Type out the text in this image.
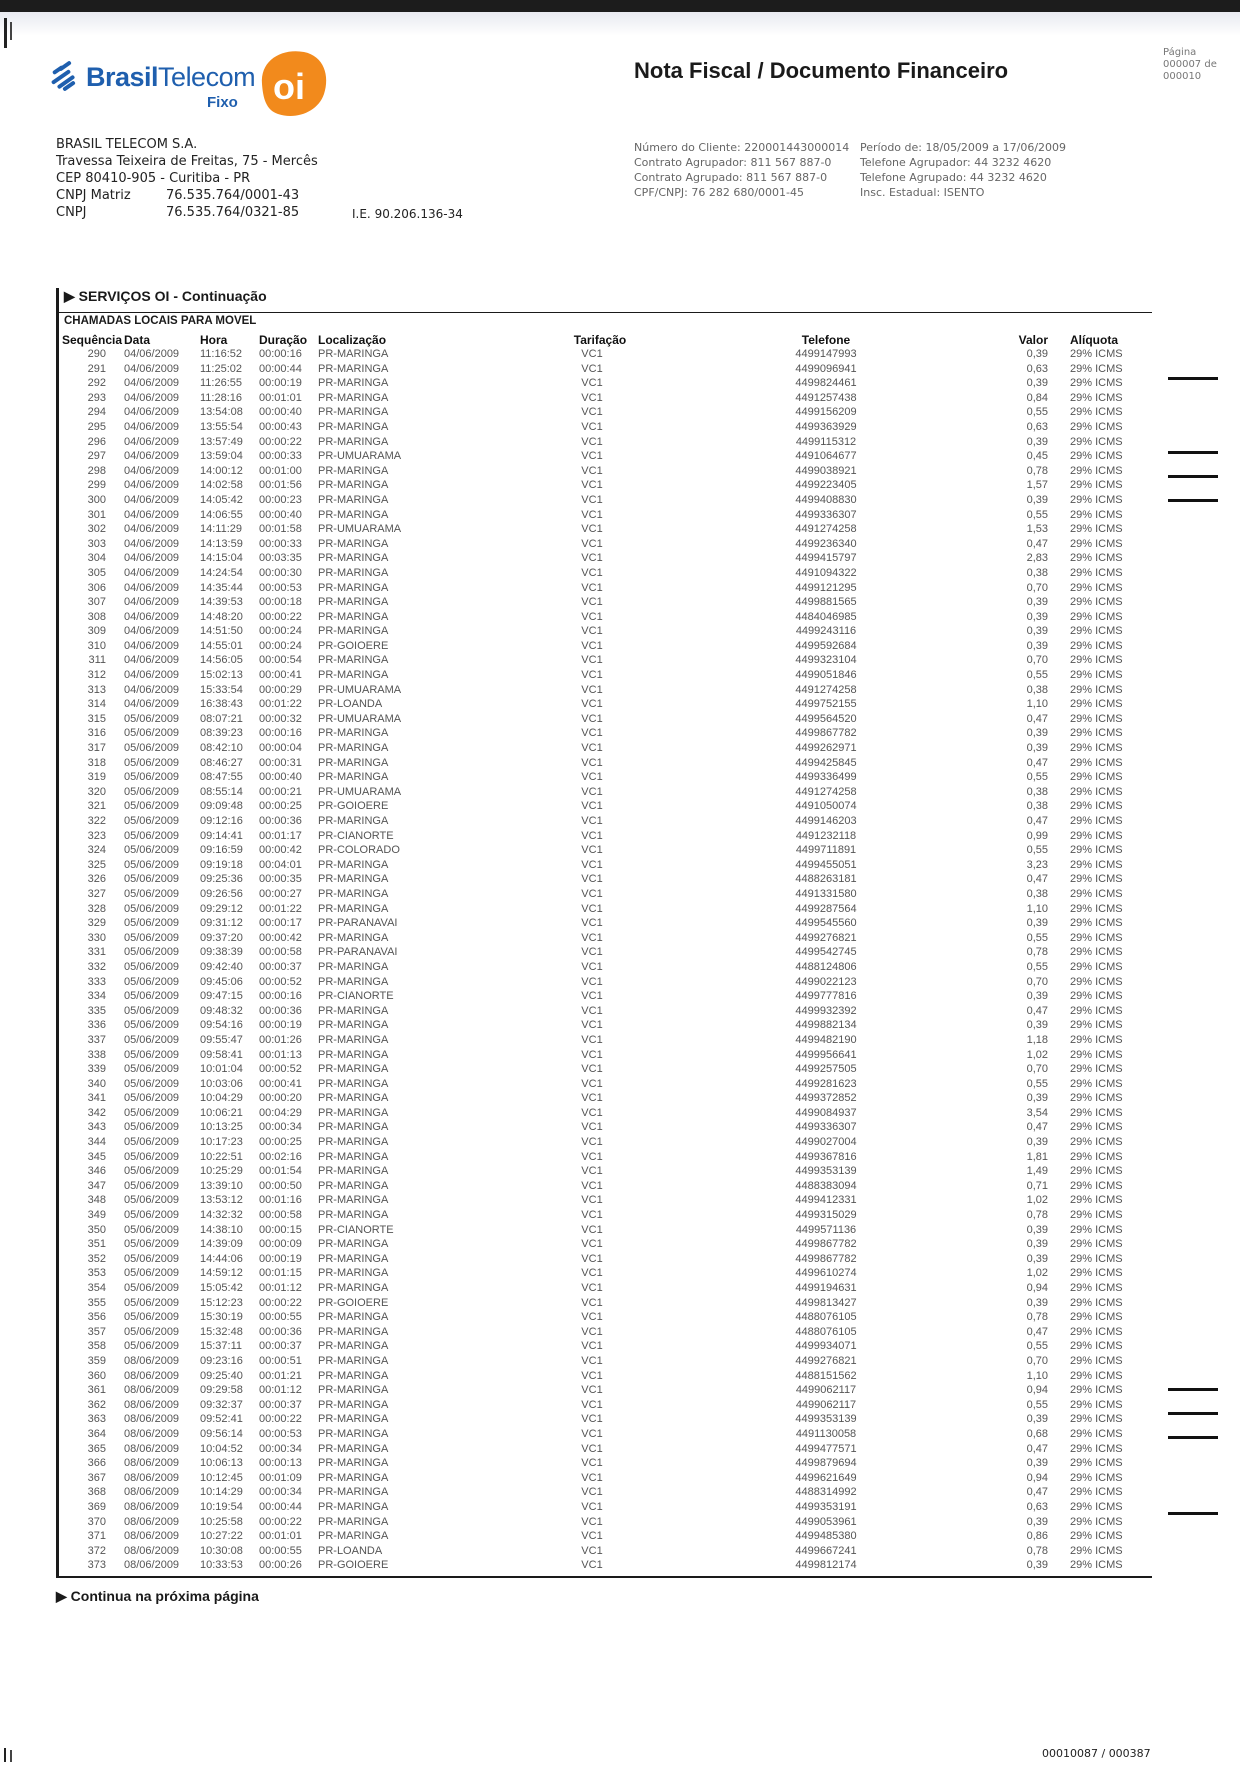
BrasilTelecom
Fixo oi
BRASIL TELECOM S.A.
Travessa Teixeira de Freitas, 75 - Mercês
CEP 80410-905 - Curitiba - PR
CNPJ Matriz	76.535.764/0001-43
CNPJ	76.535.764/0321-85	I.E. 90.206.136-34
Nota Fiscal / Documento Financeiro
Página
000007 de
000010
Número do Cliente: 220001443000014
Contrato Agrupador: 811 567 887-0
Contrato Agrupado: 811 567 887-0
CPF/CNPJ: 76 282 680/0001-45
Período de: 18/05/2009 a 17/06/2009
Telefone Agrupador: 44 3232 4620
Telefone Agrupado: 44 3232 4620
Insc. Estadual: ISENTO
▶ SERVIÇOS OI - Continuação
CHAMADAS LOCAIS PARA MOVEL
Sequência	Data	Hora	Duração	Localização	Tarifação	Telefone	Valor	Alíquota
290	04/06/2009	11:16:52	00:00:16	PR-MARINGA	VC1	4499147993	0,39	29% ICMS
291	04/06/2009	11:25:02	00:00:44	PR-MARINGA	VC1	4499096941	0,63	29% ICMS
292	04/06/2009	11:26:55	00:00:19	PR-MARINGA	VC1	4499824461	0,39	29% ICMS
293	04/06/2009	11:28:16	00:01:01	PR-MARINGA	VC1	4491257438	0,84	29% ICMS
294	04/06/2009	13:54:08	00:00:40	PR-MARINGA	VC1	4499156209	0,55	29% ICMS
295	04/06/2009	13:55:54	00:00:43	PR-MARINGA	VC1	4499363929	0,63	29% ICMS
296	04/06/2009	13:57:49	00:00:22	PR-MARINGA	VC1	4499115312	0,39	29% ICMS
297	04/06/2009	13:59:04	00:00:33	PR-UMUARAMA	VC1	4491064677	0,45	29% ICMS
298	04/06/2009	14:00:12	00:01:00	PR-MARINGA	VC1	4499038921	0,78	29% ICMS
299	04/06/2009	14:02:58	00:01:56	PR-MARINGA	VC1	4499223405	1,57	29% ICMS
300	04/06/2009	14:05:42	00:00:23	PR-MARINGA	VC1	4499408830	0,39	29% ICMS
301	04/06/2009	14:06:55	00:00:40	PR-MARINGA	VC1	4499336307	0,55	29% ICMS
302	04/06/2009	14:11:29	00:01:58	PR-UMUARAMA	VC1	4491274258	1,53	29% ICMS
303	04/06/2009	14:13:59	00:00:33	PR-MARINGA	VC1	4499236340	0,47	29% ICMS
304	04/06/2009	14:15:04	00:03:35	PR-MARINGA	VC1	4499415797	2,83	29% ICMS
305	04/06/2009	14:24:54	00:00:30	PR-MARINGA	VC1	4491094322	0,38	29% ICMS
306	04/06/2009	14:35:44	00:00:53	PR-MARINGA	VC1	4499121295	0,70	29% ICMS
307	04/06/2009	14:39:53	00:00:18	PR-MARINGA	VC1	4499881565	0,39	29% ICMS
308	04/06/2009	14:48:20	00:00:22	PR-MARINGA	VC1	4484046985	0,39	29% ICMS
309	04/06/2009	14:51:50	00:00:24	PR-MARINGA	VC1	4499243116	0,39	29% ICMS
310	04/06/2009	14:55:01	00:00:24	PR-GOIOERE	VC1	4499592684	0,39	29% ICMS
311	04/06/2009	14:56:05	00:00:54	PR-MARINGA	VC1	4499323104	0,70	29% ICMS
312	04/06/2009	15:02:13	00:00:41	PR-MARINGA	VC1	4499051846	0,55	29% ICMS
313	04/06/2009	15:33:54	00:00:29	PR-UMUARAMA	VC1	4491274258	0,38	29% ICMS
314	04/06/2009	16:38:43	00:01:22	PR-LOANDA	VC1	4499752155	1,10	29% ICMS
315	05/06/2009	08:07:21	00:00:32	PR-UMUARAMA	VC1	4499564520	0,47	29% ICMS
316	05/06/2009	08:39:23	00:00:16	PR-MARINGA	VC1	4499867782	0,39	29% ICMS
317	05/06/2009	08:42:10	00:00:04	PR-MARINGA	VC1	4499262971	0,39	29% ICMS
318	05/06/2009	08:46:27	00:00:31	PR-MARINGA	VC1	4499425845	0,47	29% ICMS
319	05/06/2009	08:47:55	00:00:40	PR-MARINGA	VC1	4499336499	0,55	29% ICMS
320	05/06/2009	08:55:14	00:00:21	PR-UMUARAMA	VC1	4491274258	0,38	29% ICMS
321	05/06/2009	09:09:48	00:00:25	PR-GOIOERE	VC1	4491050074	0,38	29% ICMS
322	05/06/2009	09:12:16	00:00:36	PR-MARINGA	VC1	4499146203	0,47	29% ICMS
323	05/06/2009	09:14:41	00:01:17	PR-CIANORTE	VC1	4491232118	0,99	29% ICMS
324	05/06/2009	09:16:59	00:00:42	PR-COLORADO	VC1	4499711891	0,55	29% ICMS
325	05/06/2009	09:19:18	00:04:01	PR-MARINGA	VC1	4499455051	3,23	29% ICMS
326	05/06/2009	09:25:36	00:00:35	PR-MARINGA	VC1	4488263181	0,47	29% ICMS
327	05/06/2009	09:26:56	00:00:27	PR-MARINGA	VC1	4491331580	0,38	29% ICMS
328	05/06/2009	09:29:12	00:01:22	PR-MARINGA	VC1	4499287564	1,10	29% ICMS
329	05/06/2009	09:31:12	00:00:17	PR-PARANAVAI	VC1	4499545560	0,39	29% ICMS
330	05/06/2009	09:37:20	00:00:42	PR-MARINGA	VC1	4499276821	0,55	29% ICMS
331	05/06/2009	09:38:39	00:00:58	PR-PARANAVAI	VC1	4499542745	0,78	29% ICMS
332	05/06/2009	09:42:40	00:00:37	PR-MARINGA	VC1	4488124806	0,55	29% ICMS
333	05/06/2009	09:45:06	00:00:52	PR-MARINGA	VC1	4499022123	0,70	29% ICMS
334	05/06/2009	09:47:15	00:00:16	PR-CIANORTE	VC1	4499777816	0,39	29% ICMS
335	05/06/2009	09:48:32	00:00:36	PR-MARINGA	VC1	4499932392	0,47	29% ICMS
336	05/06/2009	09:54:16	00:00:19	PR-MARINGA	VC1	4499882134	0,39	29% ICMS
337	05/06/2009	09:55:47	00:01:26	PR-MARINGA	VC1	4499482190	1,18	29% ICMS
338	05/06/2009	09:58:41	00:01:13	PR-MARINGA	VC1	4499956641	1,02	29% ICMS
339	05/06/2009	10:01:04	00:00:52	PR-MARINGA	VC1	4499257505	0,70	29% ICMS
340	05/06/2009	10:03:06	00:00:41	PR-MARINGA	VC1	4499281623	0,55	29% ICMS
341	05/06/2009	10:04:29	00:00:20	PR-MARINGA	VC1	4499372852	0,39	29% ICMS
342	05/06/2009	10:06:21	00:04:29	PR-MARINGA	VC1	4499084937	3,54	29% ICMS
343	05/06/2009	10:13:25	00:00:34	PR-MARINGA	VC1	4499336307	0,47	29% ICMS
344	05/06/2009	10:17:23	00:00:25	PR-MARINGA	VC1	4499027004	0,39	29% ICMS
345	05/06/2009	10:22:51	00:02:16	PR-MARINGA	VC1	4499367816	1,81	29% ICMS
346	05/06/2009	10:25:29	00:01:54	PR-MARINGA	VC1	4499353139	1,49	29% ICMS
347	05/06/2009	13:39:10	00:00:50	PR-MARINGA	VC1	4488383094	0,71	29% ICMS
348	05/06/2009	13:53:12	00:01:16	PR-MARINGA	VC1	4499412331	1,02	29% ICMS
349	05/06/2009	14:32:32	00:00:58	PR-MARINGA	VC1	4499315029	0,78	29% ICMS
350	05/06/2009	14:38:10	00:00:15	PR-CIANORTE	VC1	4499571136	0,39	29% ICMS
351	05/06/2009	14:39:09	00:00:09	PR-MARINGA	VC1	4499867782	0,39	29% ICMS
352	05/06/2009	14:44:06	00:00:19	PR-MARINGA	VC1	4499867782	0,39	29% ICMS
353	05/06/2009	14:59:12	00:01:15	PR-MARINGA	VC1	4499610274	1,02	29% ICMS
354	05/06/2009	15:05:42	00:01:12	PR-MARINGA	VC1	4499194631	0,94	29% ICMS
355	05/06/2009	15:12:23	00:00:22	PR-GOIOERE	VC1	4499813427	0,39	29% ICMS
356	05/06/2009	15:30:19	00:00:55	PR-MARINGA	VC1	4488076105	0,78	29% ICMS
357	05/06/2009	15:32:48	00:00:36	PR-MARINGA	VC1	4488076105	0,47	29% ICMS
358	05/06/2009	15:37:11	00:00:37	PR-MARINGA	VC1	4499934071	0,55	29% ICMS
359	08/06/2009	09:23:16	00:00:51	PR-MARINGA	VC1	4499276821	0,70	29% ICMS
360	08/06/2009	09:25:40	00:01:21	PR-MARINGA	VC1	4488151562	1,10	29% ICMS
361	08/06/2009	09:29:58	00:01:12	PR-MARINGA	VC1	4499062117	0,94	29% ICMS
362	08/06/2009	09:32:37	00:00:37	PR-MARINGA	VC1	4499062117	0,55	29% ICMS
363	08/06/2009	09:52:41	00:00:22	PR-MARINGA	VC1	4499353139	0,39	29% ICMS
364	08/06/2009	09:56:14	00:00:53	PR-MARINGA	VC1	4491130058	0,68	29% ICMS
365	08/06/2009	10:04:52	00:00:34	PR-MARINGA	VC1	4499477571	0,47	29% ICMS
366	08/06/2009	10:06:13	00:00:13	PR-MARINGA	VC1	4499879694	0,39	29% ICMS
367	08/06/2009	10:12:45	00:01:09	PR-MARINGA	VC1	4499621649	0,94	29% ICMS
368	08/06/2009	10:14:29	00:00:34	PR-MARINGA	VC1	4488314992	0,47	29% ICMS
369	08/06/2009	10:19:54	00:00:44	PR-MARINGA	VC1	4499353191	0,63	29% ICMS
370	08/06/2009	10:25:58	00:00:22	PR-MARINGA	VC1	4499053961	0,39	29% ICMS
371	08/06/2009	10:27:22	00:01:01	PR-MARINGA	VC1	4499485380	0,86	29% ICMS
372	08/06/2009	10:30:08	00:00:55	PR-LOANDA	VC1	4499667241	0,78	29% ICMS
373	08/06/2009	10:33:53	00:00:26	PR-GOIOERE	VC1	4499812174	0,39	29% ICMS
▶ Continua na próxima página
00010087 / 000387
